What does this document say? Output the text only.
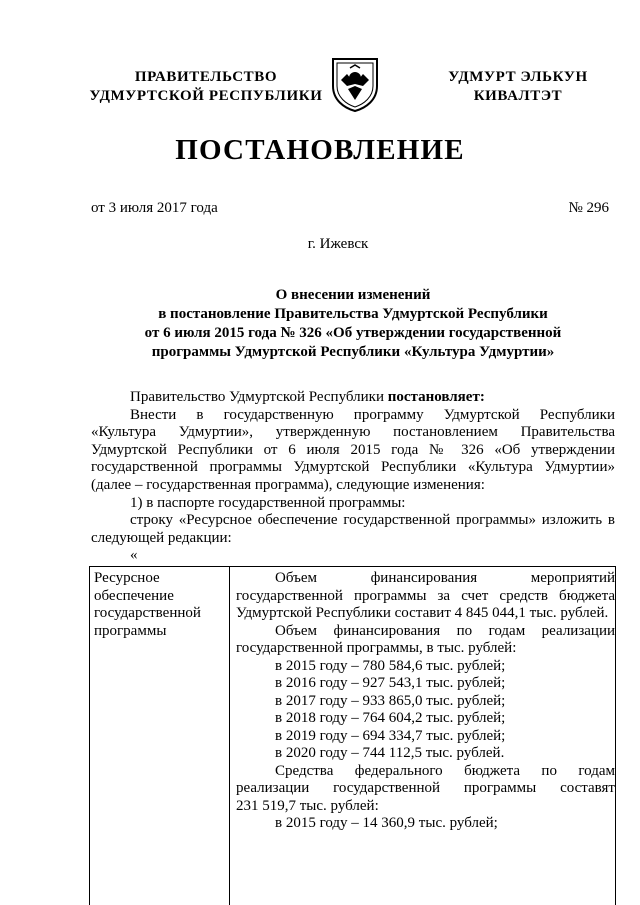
ПРАВИТЕЛЬСТВО
УДМУРТСКОЙ РЕСПУБЛИКИ
УДМУРТ ЭЛЬКУН
КИВАЛТЭТ
ПОСТАНОВЛЕНИЕ
от 3 июля 2017 года	№ 296
г. Ижевск
О внесении изменений
в постановление Правительства Удмуртской Республики
от 6 июля 2015 года № 326 «Об утверждении государственной
программы Удмуртской Республики «Культура Удмуртии»

Правительство Удмуртской Республики постановляет:

Внести в государственную программу Удмуртской Республики

«Культура Удмуртии», утвержденную постановлением Правительства

Удмуртской Республики от 6 июля 2015 года № 326 «Об утверждении

государственной программы Удмуртской Республики «Культура Удмуртии»

(далее – государственная программа), следующие изменения:

1) в паспорте государственной программы:

строку «Ресурсное обеспечение государственной программы» изложить в

следующей редакции:

«

Ресурсное обеспечение государственной программы

Объем финансирования мероприятий

государственной программы за счет средств бюджета

Удмуртской Республики составит 4 845 044,1 тыс. рублей.

Объем финансирования по годам реализации

государственной программы, в тыс. рублей:

в 2015 году – 780 584,6 тыс. рублей;

в 2016 году – 927 543,1 тыс. рублей;

в 2017 году – 933 865,0 тыс. рублей;

в 2018 году – 764 604,2 тыс. рублей;

в 2019 году – 694 334,7 тыс. рублей;

в 2020 году – 744 112,5 тыс. рублей.

Средства федерального бюджета по годам

реализации государственной программы составят

231 519,7 тыс. рублей:

в 2015 году – 14 360,9 тыс. рублей;
